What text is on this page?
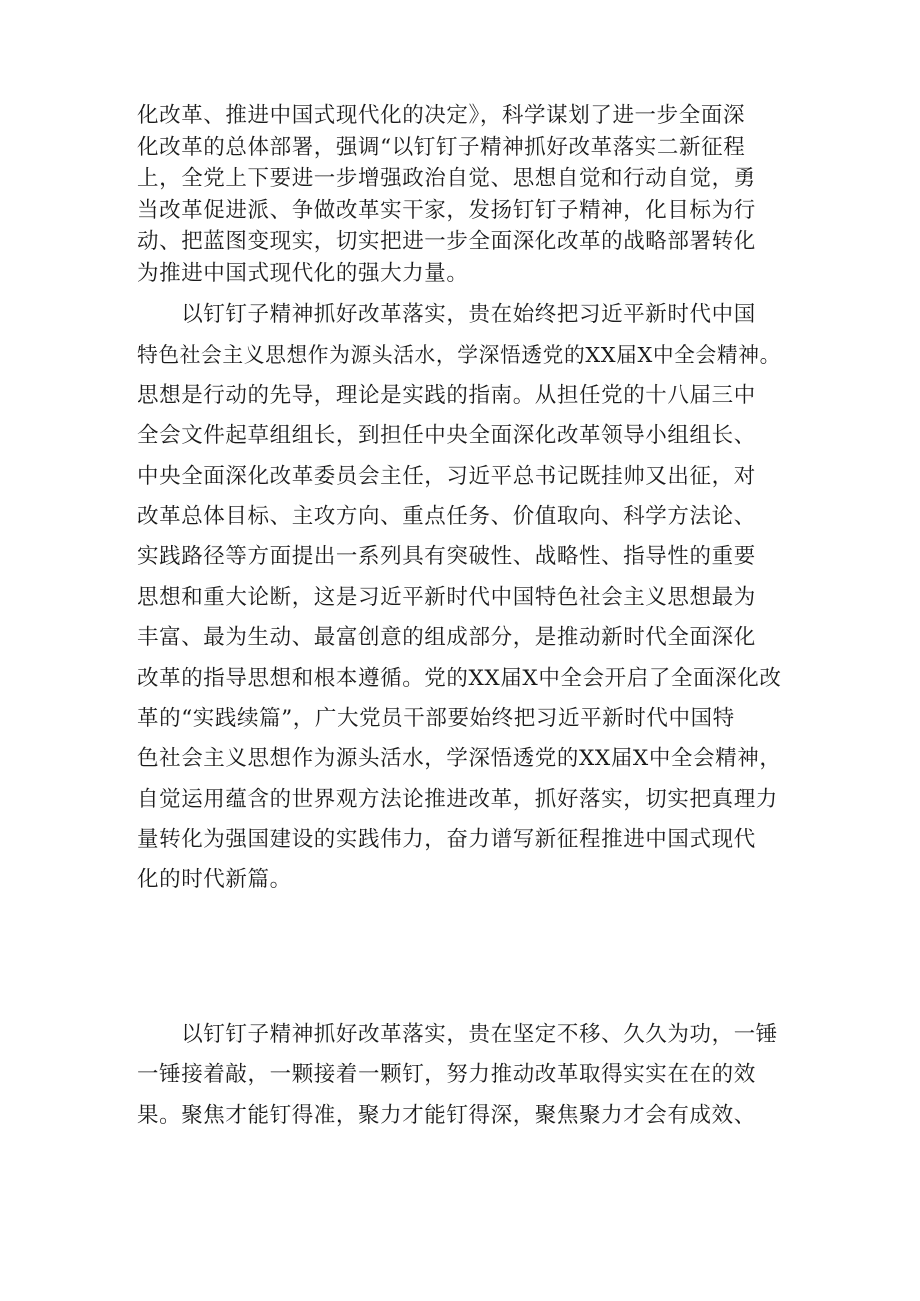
化改革、推进中国式现代化的决定》，科学谋划了进一步全面深
化改革的总体部署，强调“以钉钉子精神抓好改革落实二新征程
上，全党上下要进一步增强政治自觉、思想自觉和行动自觉，勇
当改革促进派、争做改革实干家，发扬钉钉子精神，化目标为行
动、把蓝图变现实，切实把进一步全面深化改革的战略部署转化
为推进中国式现代化的强大力量。
　　以钉钉子精神抓好改革落实，贵在始终把习近平新时代中国
特色社会主义思想作为源头活水，学深悟透党的XX届X中全会精神。
思想是行动的先导，理论是实践的指南。从担任党的十八届三中
全会文件起草组组长，到担任中央全面深化改革领导小组组长、
中央全面深化改革委员会主任，习近平总书记既挂帅又出征，对
改革总体目标、主攻方向、重点任务、价值取向、科学方法论、
实践路径等方面提出一系列具有突破性、战略性、指导性的重要
思想和重大论断，这是习近平新时代中国特色社会主义思想最为
丰富、最为生动、最富创意的组成部分，是推动新时代全面深化
改革的指导思想和根本遵循。党的XX届X中全会开启了全面深化改
革的“实践续篇”，广大党员干部要始终把习近平新时代中国特
色社会主义思想作为源头活水，学深悟透党的XX届X中全会精神，
自觉运用蕴含的世界观方法论推进改革，抓好落实，切实把真理力
量转化为强国建设的实践伟力，奋力谱写新征程推进中国式现代
化的时代新篇。
　　以钉钉子精神抓好改革落实，贵在坚定不移、久久为功，一锤
一锤接着敲，一颗接着一颗钉，努力推动改革取得实实在在的效
果。聚焦才能钉得准，聚力才能钉得深，聚焦聚力才会有成效、
